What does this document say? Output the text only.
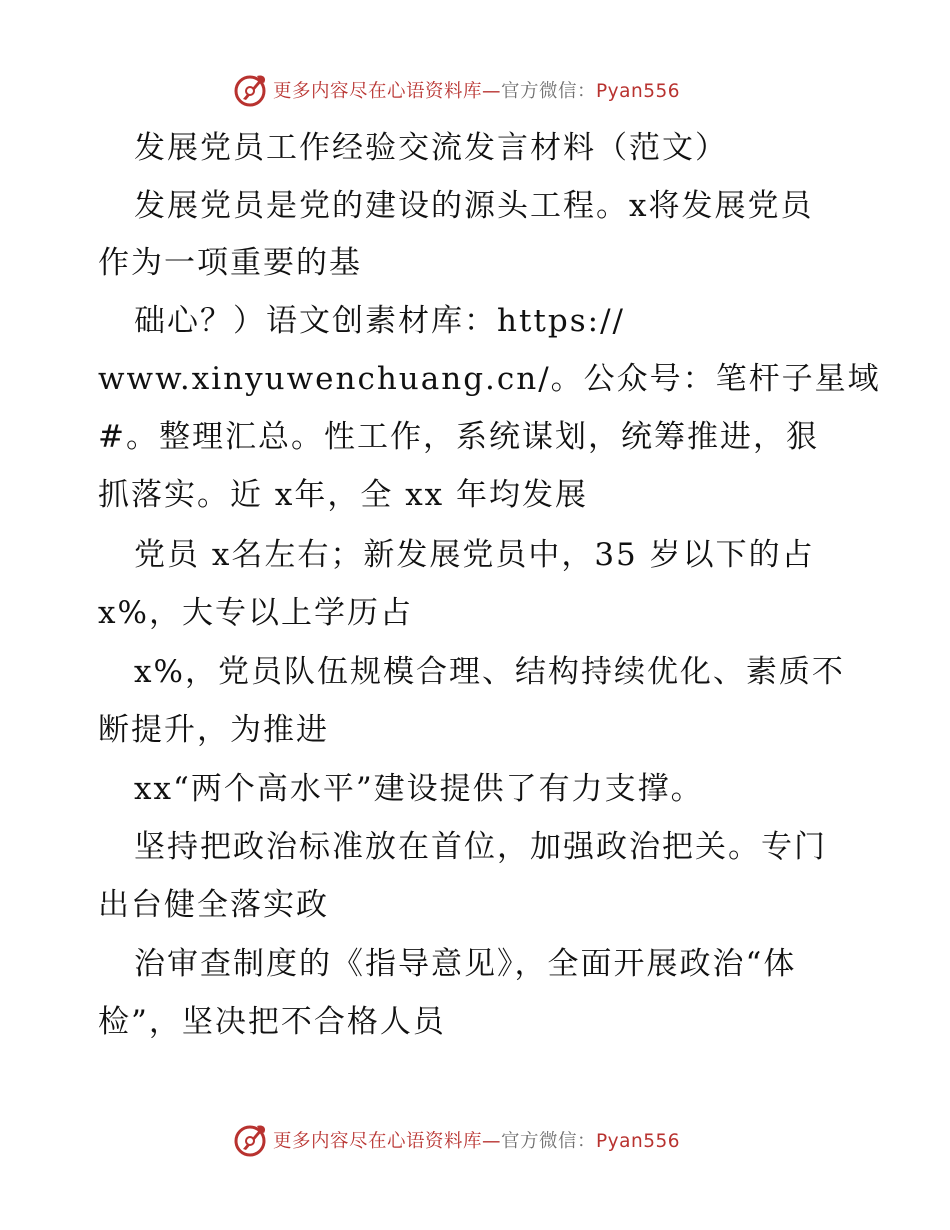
更多内容尽在心语资料库—官方微信：Pyan556
发展党员工作经验交流发言材料（范文）
发展党员是党的建设的源头工程。x将发展党员
作为一项重要的基
础心？）语文创素材库：https://
www.xinyuwenchuang.cn/。公众号：笔杆子星域
#。整理汇总。性工作，系统谋划，统筹推进，狠
抓落实。近 x年，全 xx 年均发展
党员 x名左右；新发展党员中，35 岁以下的占
x%，大专以上学历占
x%，党员队伍规模合理、结构持续优化、素质不
断提升，为推进
xx“两个高水平”建设提供了有力支撑。
坚持把政治标准放在首位，加强政治把关。专门
出台健全落实政
治审查制度的《指导意见》，全面开展政治“体
检”，坚决把不合格人员
更多内容尽在心语资料库—官方微信：Pyan556
